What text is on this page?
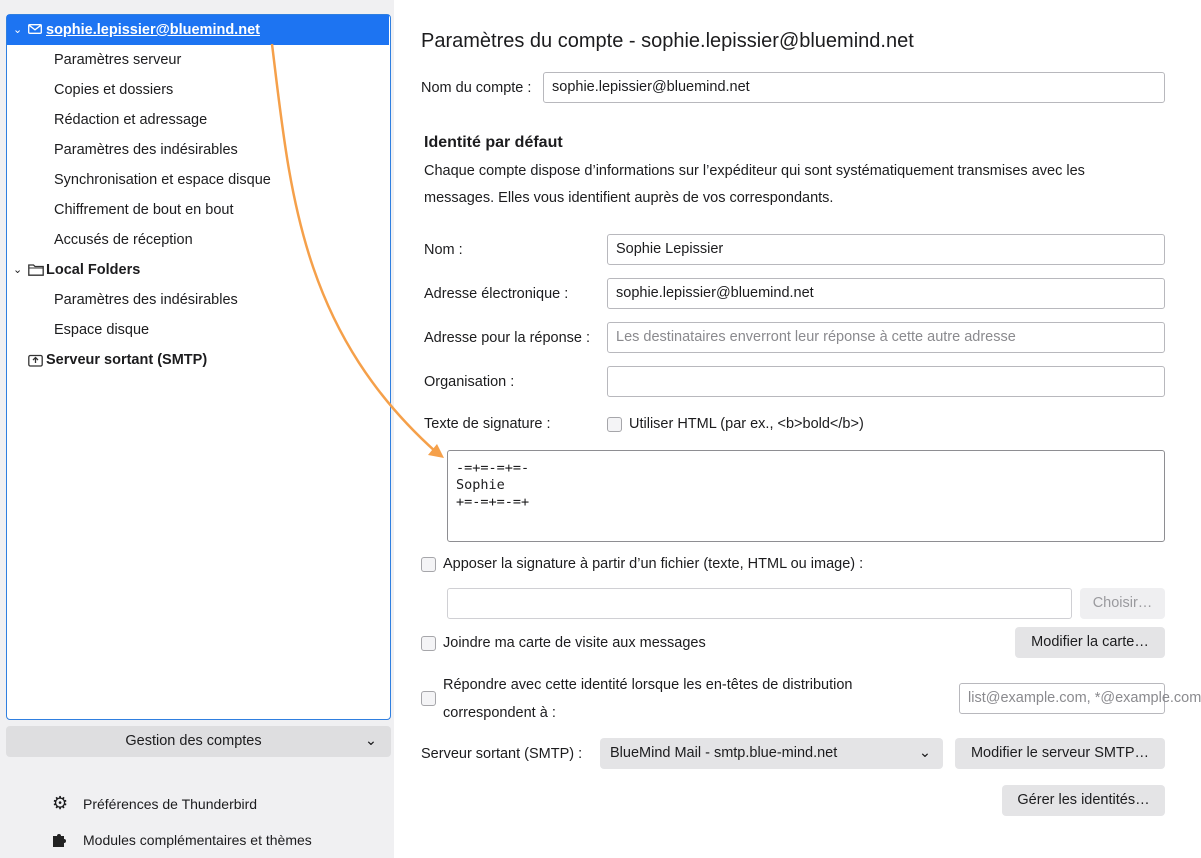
⌄ sophie.lepissier@bluemind.net
Paramètres serveur
Copies et dossiers
Rédaction et adressage
Paramètres des indésirables
Synchronisation et espace disque
Chiffrement de bout en bout
Accusés de réception
⌄ Local Folders
Paramètres des indésirables
Espace disque
Serveur sortant (SMTP)
Gestion des comptes	⌄
⚙ Préférences de Thunderbird
Modules complémentaires et thèmes
Paramètres du compte - sophie.lepissier@bluemind.net
Nom du compte :	sophie.lepissier@bluemind.net
Identité par défaut
Chaque compte dispose d’informations sur l’expéditeur qui sont systématiquement transmises avec les
messages. Elles vous identifient auprès de vos correspondants.
Nom :	Sophie Lepissier
Adresse électronique :	sophie.lepissier@bluemind.net
Adresse pour la réponse :	Les destinataires enverront leur réponse à cette autre adresse
Organisation :
Texte de signature :	Utiliser HTML (par ex., <b>bold</b>)
-=+=-=+=-
Sophie
+=-=+=-=+
Apposer la signature à partir d’un fichier (texte, HTML ou image) :
Choisir…
Joindre ma carte de visite aux messages	Modifier la carte…
Répondre avec cette identité lorsque les en-têtes de distribution
correspondent à :
list@example.com, *@example.com
Serveur sortant (SMTP) :	BlueMind Mail - smtp.blue-mind.net	⌄	Modifier le serveur SMTP…
Gérer les identités…
